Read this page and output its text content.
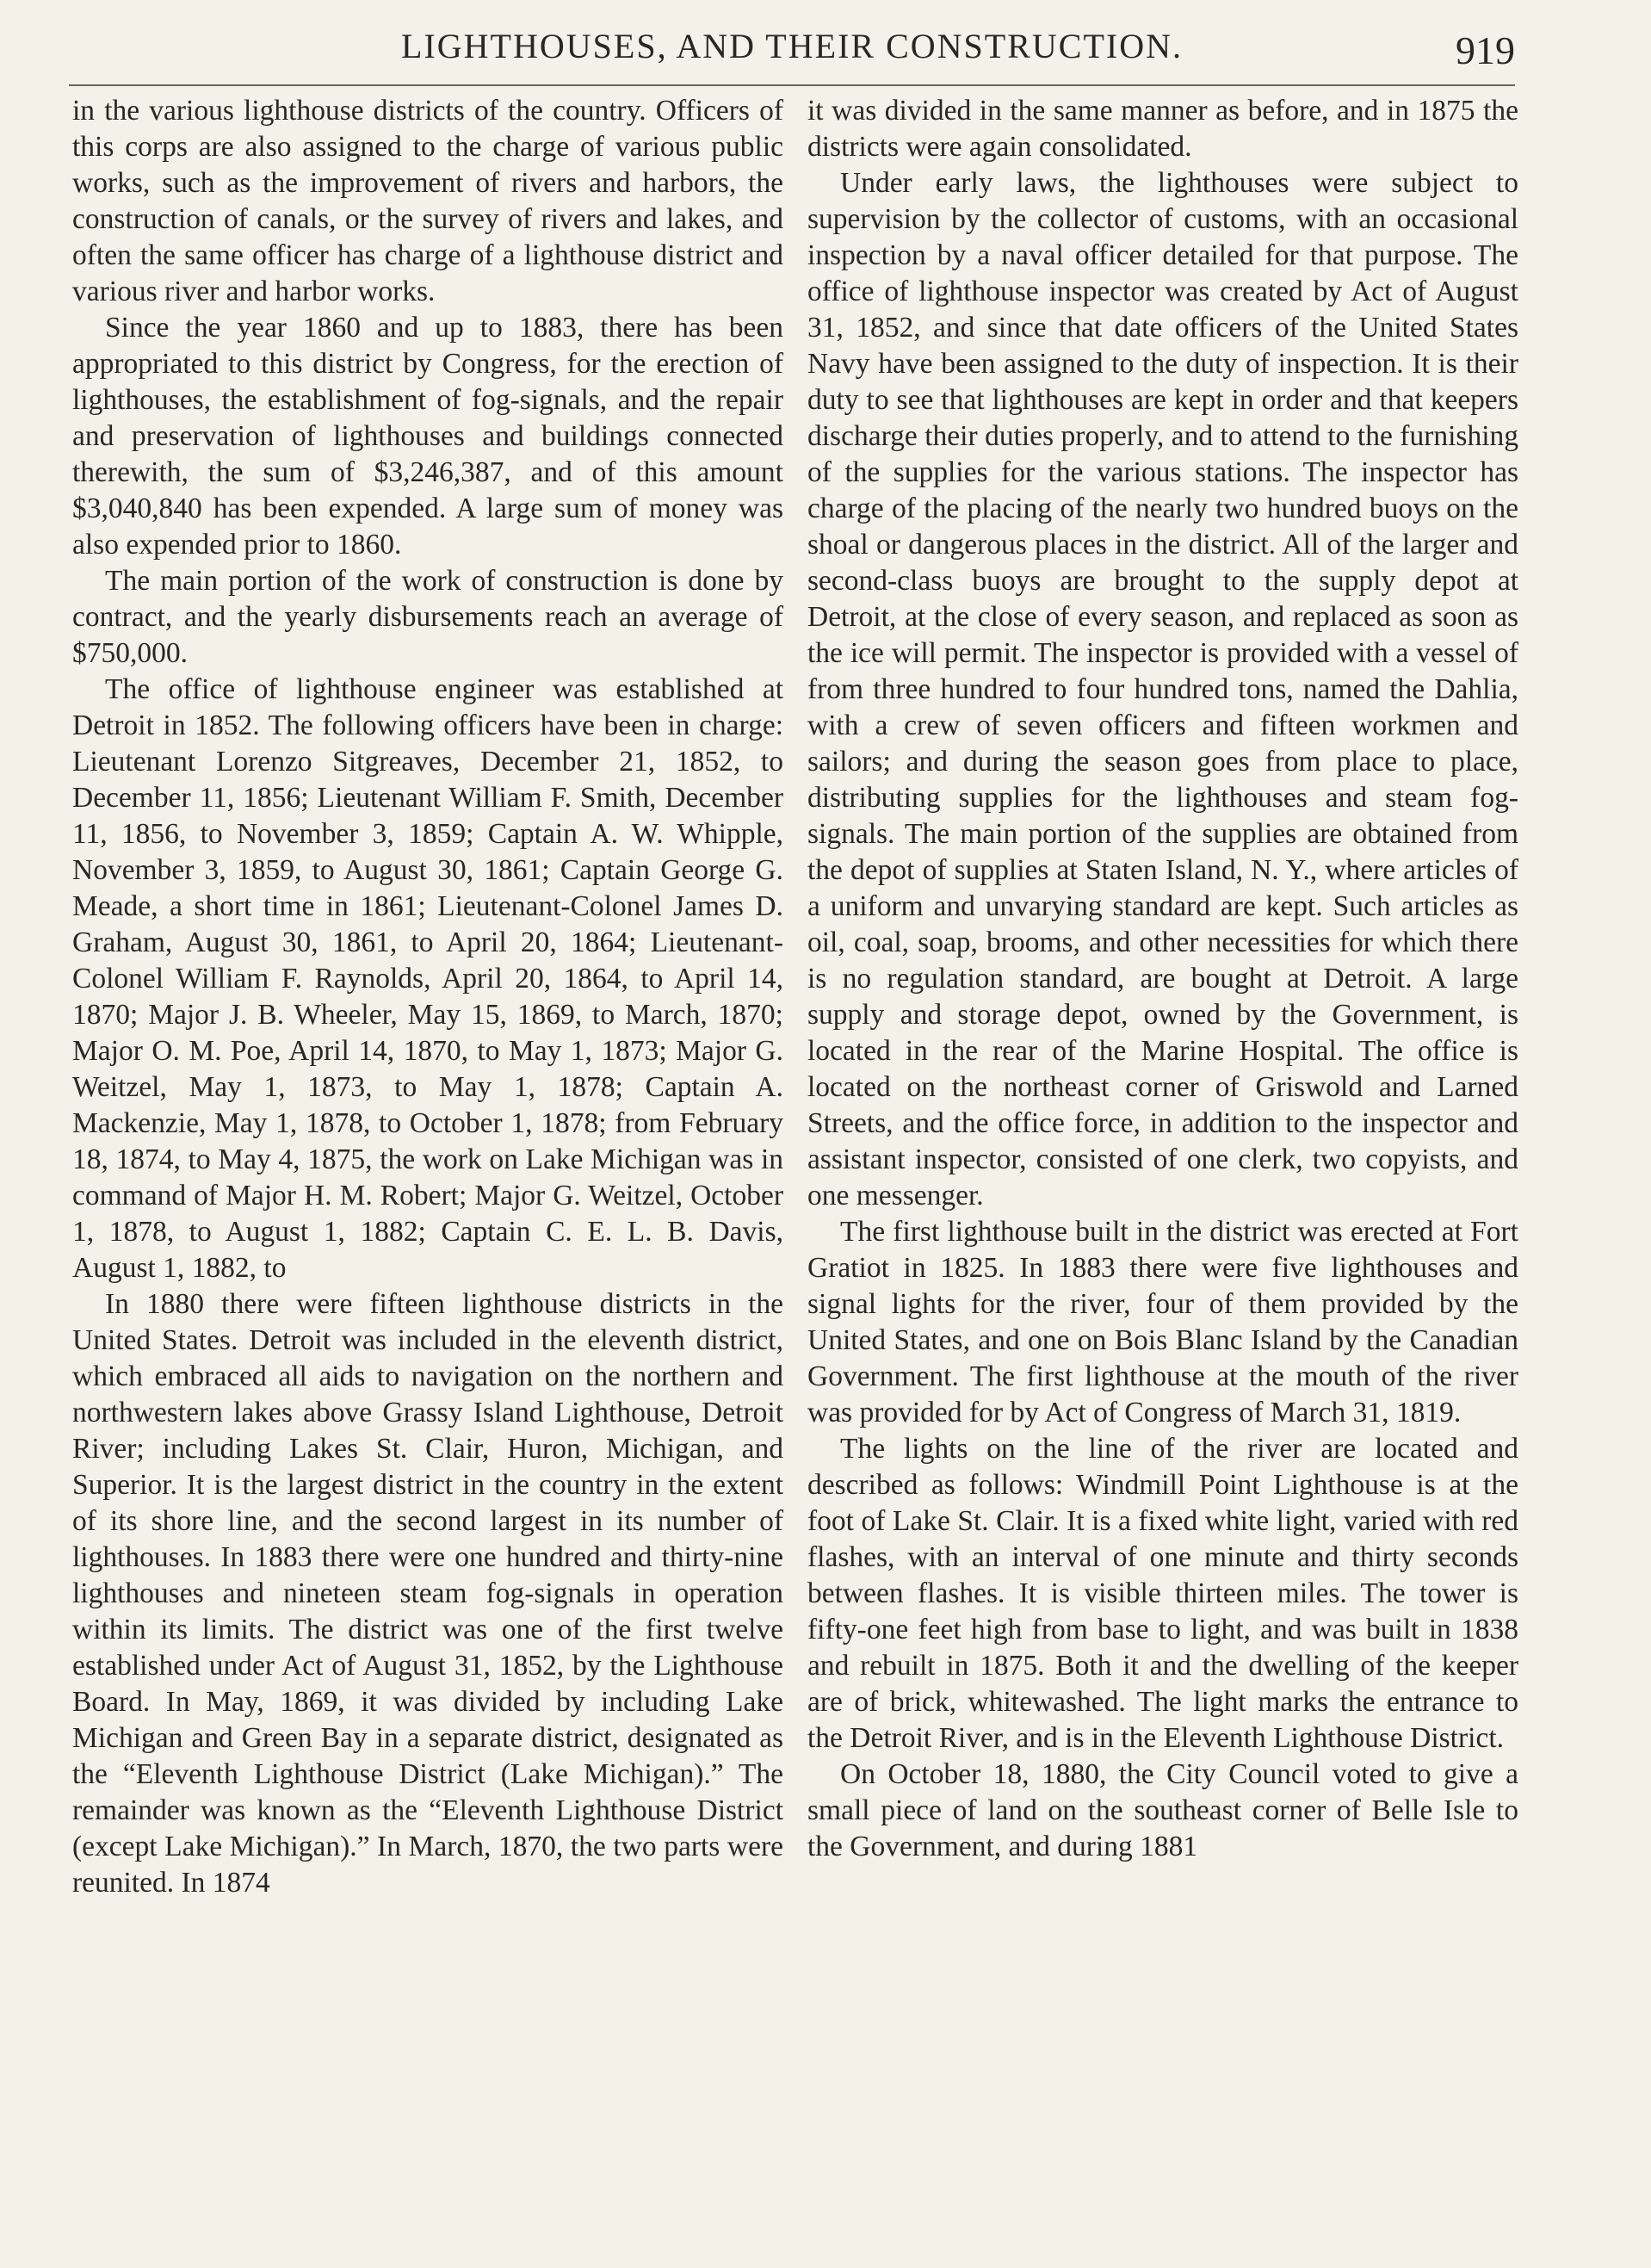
LIGHTHOUSES, AND THEIR CONSTRUCTION.	919

in the various lighthouse districts of the country. Officers of this corps are also assigned to the charge of various public works, such as the improvement of rivers and harbors, the construction of canals, or the survey of rivers and lakes, and often the same officer has charge of a lighthouse district and various river and harbor works.

Since the year 1860 and up to 1883, there has been appropriated to this district by Congress, for the erection of lighthouses, the establishment of fog-signals, and the repair and preservation of lighthouses and buildings connected therewith, the sum of $3,246,387, and of this amount $3,040,840 has been expended. A large sum of money was also expended prior to 1860.

The main portion of the work of construction is done by contract, and the yearly disbursements reach an average of $750,000.

The office of lighthouse engineer was established at Detroit in 1852. The following officers have been in charge: Lieutenant Lorenzo Sitgreaves, December 21, 1852, to December 11, 1856; Lieutenant William F. Smith, December 11, 1856, to November 3, 1859; Captain A. W. Whipple, November 3, 1859, to August 30, 1861; Captain George G. Meade, a short time in 1861; Lieutenant-Colonel James D. Graham, August 30, 1861, to April 20, 1864; Lieutenant-Colonel William F. Raynolds, April 20, 1864, to April 14, 1870; Major J. B. Wheeler, May 15, 1869, to March, 1870; Major O. M. Poe, April 14, 1870, to May 1, 1873; Major G. Weitzel, May 1, 1873, to May 1, 1878; Captain A. Mackenzie, May 1, 1878, to October 1, 1878; from February 18, 1874, to May 4, 1875, the work on Lake Michigan was in command of Major H. M. Robert; Major G. Weitzel, October 1, 1878, to August 1, 1882; Captain C. E. L. B. Davis, August 1, 1882, to

In 1880 there were fifteen lighthouse districts in the United States. Detroit was included in the eleventh district, which embraced all aids to navigation on the northern and northwestern lakes above Grassy Island Lighthouse, Detroit River; including Lakes St. Clair, Huron, Michigan, and Superior. It is the largest district in the country in the extent of its shore line, and the second largest in its number of lighthouses. In 1883 there were one hundred and thirty-nine lighthouses and nineteen steam fog-signals in operation within its limits. The district was one of the first twelve established under Act of August 31, 1852, by the Lighthouse Board. In May, 1869, it was divided by including Lake Michigan and Green Bay in a separate district, designated as the “Eleventh Lighthouse District (Lake Michigan).” The remainder was known as the “Eleventh Lighthouse District (except Lake Michigan).” In March, 1870, the two parts were reunited. In 1874

it was divided in the same manner as before, and in 1875 the districts were again consolidated.

Under early laws, the lighthouses were subject to supervision by the collector of customs, with an occasional inspection by a naval officer detailed for that purpose. The office of lighthouse inspector was created by Act of August 31, 1852, and since that date officers of the United States Navy have been assigned to the duty of inspection. It is their duty to see that lighthouses are kept in order and that keepers discharge their duties properly, and to attend to the furnishing of the supplies for the various stations. The inspector has charge of the placing of the nearly two hundred buoys on the shoal or dangerous places in the district. All of the larger and second-class buoys are brought to the supply depot at Detroit, at the close of every season, and replaced as soon as the ice will permit. The inspector is provided with a vessel of from three hundred to four hundred tons, named the Dahlia, with a crew of seven officers and fifteen workmen and sailors; and during the season goes from place to place, distributing supplies for the lighthouses and steam fog-signals. The main portion of the supplies are obtained from the depot of supplies at Staten Island, N. Y., where articles of a uniform and unvarying standard are kept. Such articles as oil, coal, soap, brooms, and other necessities for which there is no regulation standard, are bought at Detroit. A large supply and storage depot, owned by the Government, is located in the rear of the Marine Hospital. The office is located on the northeast corner of Griswold and Larned Streets, and the office force, in addition to the inspector and assistant inspector, consisted of one clerk, two copyists, and one messenger.

The first lighthouse built in the district was erected at Fort Gratiot in 1825. In 1883 there were five lighthouses and signal lights for the river, four of them provided by the United States, and one on Bois Blanc Island by the Canadian Government. The first lighthouse at the mouth of the river was provided for by Act of Congress of March 31, 1819.

The lights on the line of the river are located and described as follows: Windmill Point Lighthouse is at the foot of Lake St. Clair. It is a fixed white light, varied with red flashes, with an interval of one minute and thirty seconds between flashes. It is visible thirteen miles. The tower is fifty-one feet high from base to light, and was built in 1838 and rebuilt in 1875. Both it and the dwelling of the keeper are of brick, whitewashed. The light marks the entrance to the Detroit River, and is in the Eleventh Lighthouse District.

On October 18, 1880, the City Council voted to give a small piece of land on the southeast corner of Belle Isle to the Government, and during 1881
